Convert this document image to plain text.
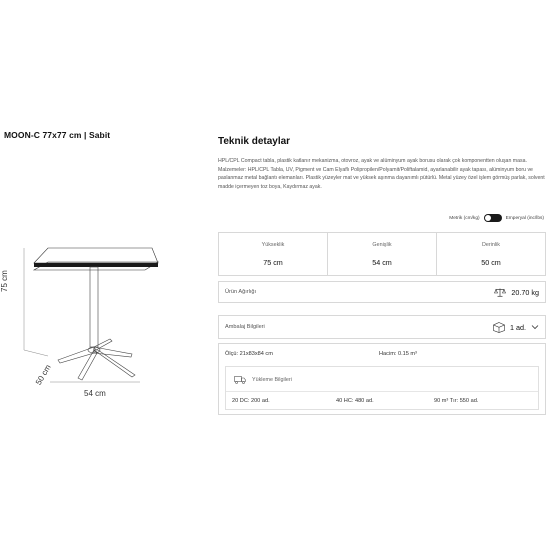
MOON-C 77x77 cm | Sabit
75 cm
50 cm
54 cm
Teknik detaylar
HPL/CPL Compact tabla, plastik katlanır mekanizma, otovroz, ayak ve alüminyum ayak borusu olarak çok komponentten oluşan masa. Malzemeler: HPL/CPL Tabla, UV, Pigment ve Cam Elyaflı Polipropilen/Polyamit/Poliftalamid, ayarlanabilir ayak tapası, alüminyum boru ve paslanmaz metal bağlantı elemanları. Plastik yüzeyler mat ve yüksek aşınma dayanımlı pütürlü. Metal yüzey özel işlem görmüş parlak, solvent madde içermeyen toz boya, Kaydırmaz ayak.
Metrik (cm/kg)	Emperyal (inc/lbs)
Yükseklik
75 cm
Genişlik
54 cm
Derinlik
50 cm
Ürün Ağırlığı	20.70 kg
Ambalaj Bilgileri	1 ad.
Ölçü: 21x83x84 cm	Hacim: 0.15 m³
Yükleme Bilgileri
20 DC: 200 ad.	40 HC: 480 ad.	90 m³ Tır: 550 ad.
